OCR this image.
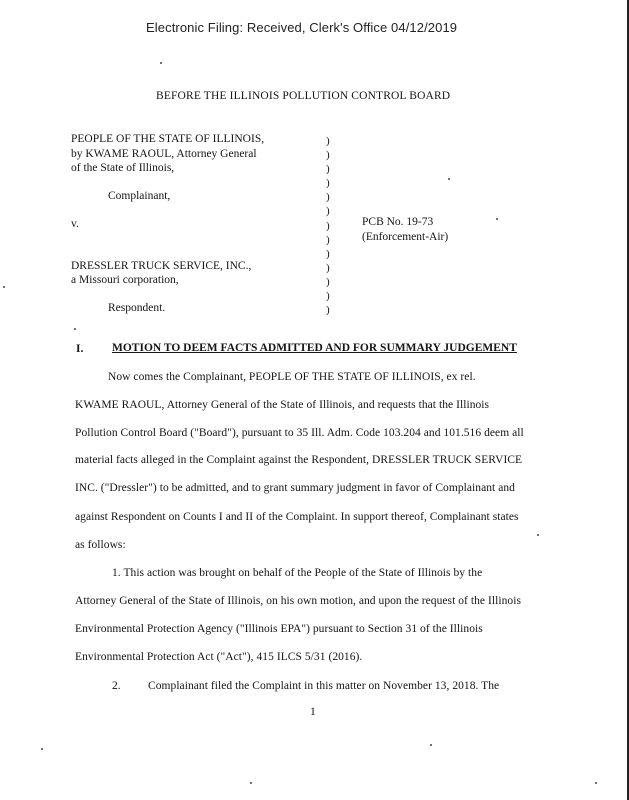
Electronic Filing: Received, Clerk's Office 04/12/2019
BEFORE THE ILLINOIS POLLUTION CONTROL BOARD
PEOPLE OF THE STATE OF ILLINOIS,
by KWAME RAOUL, Attorney General
of the State of Illinois,
Complainant,
v.
DRESSLER TRUCK SERVICE, INC.,
a Missouri corporation,
Respondent.
)
)
)
)
)
)
)
)
)
)
)
)
)
PCB No. 19-73
(Enforcement-Air)
I. MOTION TO DEEM FACTS ADMITTED AND FOR SUMMARY JUDGEMENT
Now comes the Complainant, PEOPLE OF THE STATE OF ILLINOIS, ex rel.
KWAME RAOUL, Attorney General of the State of Illinois, and requests that the Illinois
Pollution Control Board ("Board"), pursuant to 35 Ill. Adm. Code 103.204 and 101.516 deem all
material facts alleged in the Complaint against the Respondent, DRESSLER TRUCK SERVICE
INC. ("Dressler") to be admitted, and to grant summary judgment in favor of Complainant and
against Respondent on Counts I and II of the Complaint. In support thereof, Complainant states
as follows:
1. This action was brought on behalf of the People of the State of Illinois by the
Attorney General of the State of Illinois, on his own motion, and upon the request of the Illinois
Environmental Protection Agency ("Illinois EPA") pursuant to Section 31 of the Illinois
Environmental Protection Act ("Act"), 415 ILCS 5/31 (2016).
2. Complainant filed the Complaint in this matter on November 13, 2018. The
1
